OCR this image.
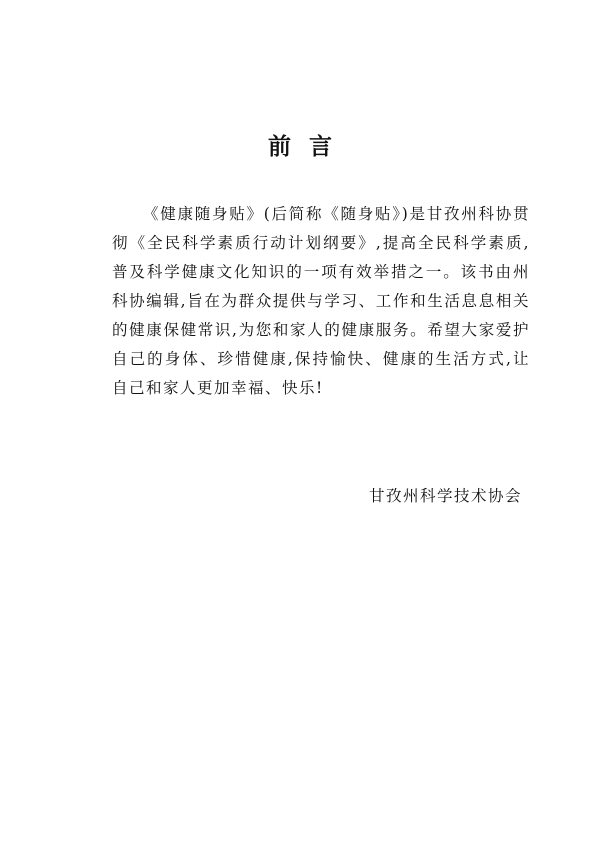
前言

《健康随身贴》(后简称《随身贴》)是甘孜州科协贯彻《全民科学素质行动计划纲要》,提高全民科学素质,普及科学健康文化知识的一项有效举措之一。该书由州科协编辑,旨在为群众提供与学习、工作和生活息息相关的健康保健常识,为您和家人的健康服务。希望大家爱护自己的身体、珍惜健康,保持愉快、健康的生活方式,让自己和家人更加幸福、快乐!

甘孜州科学技术协会
